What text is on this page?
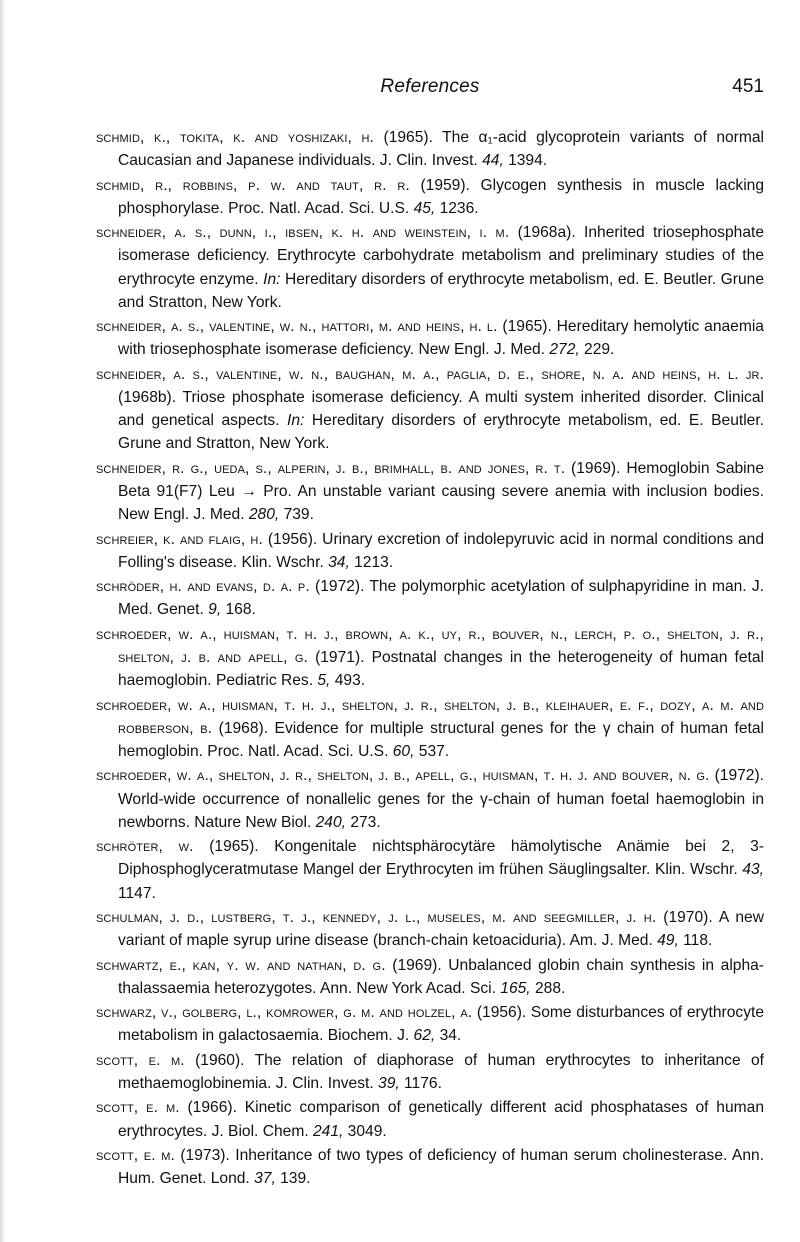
References	451
schmid, k., tokita, k. and yoshizaki, h. (1965). The α₁-acid glycoprotein variants of normal Caucasian and Japanese individuals. J. Clin. Invest. 44, 1394.
schmid, r., robbins, p. w. and taut, r. r. (1959). Glycogen synthesis in muscle lacking phosphorylase. Proc. Natl. Acad. Sci. U.S. 45, 1236.
schneider, a. s., dunn, i., ibsen, k. h. and weinstein, i. m. (1968a). Inherited triosephosphate isomerase deficiency. Erythrocyte carbohydrate metabolism and preliminary studies of the erythrocyte enzyme. In: Hereditary disorders of erythrocyte metabolism, ed. E. Beutler. Grune and Stratton, New York.
schneider, a. s., valentine, w. n., hattori, m. and heins, h. l. (1965). Hereditary hemolytic anaemia with triosephosphate isomerase deficiency. New Engl. J. Med. 272, 229.
schneider, a. s., valentine, w. n., baughan, m. a., paglia, d. e., shore, n. a. and heins, h. l. jr. (1968b). Triose phosphate isomerase deficiency. A multi system inherited disorder. Clinical and genetical aspects. In: Hereditary disorders of erythrocyte metabolism, ed. E. Beutler. Grune and Stratton, New York.
schneider, r. g., ueda, s., alperin, j. b., brimhall, b. and jones, r. t. (1969). Hemoglobin Sabine Beta 91(F7) Leu → Pro. An unstable variant causing severe anemia with inclusion bodies. New Engl. J. Med. 280, 739.
schreier, k. and flaig, h. (1956). Urinary excretion of indolepyruvic acid in normal conditions and Folling's disease. Klin. Wschr. 34, 1213.
schröder, h. and evans, d. a. p. (1972). The polymorphic acetylation of sulphapyridine in man. J. Med. Genet. 9, 168.
schroeder, w. a., huisman, t. h. j., brown, a. k., uy, r., bouver, n., lerch, p. o., shelton, j. r., shelton, j. b. and apell, g. (1971). Postnatal changes in the heterogeneity of human fetal haemoglobin. Pediatric Res. 5, 493.
schroeder, w. a., huisman, t. h. j., shelton, j. r., shelton, j. b., kleihauer, e. f., dozy, a. m. and robberson, b. (1968). Evidence for multiple structural genes for the γ chain of human fetal hemoglobin. Proc. Natl. Acad. Sci. U.S. 60, 537.
schroeder, w. a., shelton, j. r., shelton, j. b., apell, g., huisman, t. h. j. and bouver, n. g. (1972). World-wide occurrence of nonallelic genes for the γ-chain of human foetal haemoglobin in newborns. Nature New Biol. 240, 273.
schröter, w. (1965). Kongenitale nichtsphärocytäre hämolytische Anämie bei 2, 3-Diphosphoglyceratmutase Mangel der Erythrocyten im frühen Säuglingsalter. Klin. Wschr. 43, 1147.
schulman, j. d., lustberg, t. j., kennedy, j. l., museles, m. and seegmiller, j. h. (1970). A new variant of maple syrup urine disease (branch-chain ketoaciduria). Am. J. Med. 49, 118.
schwartz, e., kan, y. w. and nathan, d. g. (1969). Unbalanced globin chain synthesis in alpha-thalassaemia heterozygotes. Ann. New York Acad. Sci. 165, 288.
schwarz, v., golberg, l., komrower, g. m. and holzel, a. (1956). Some disturbances of erythrocyte metabolism in galactosaemia. Biochem. J. 62, 34.
scott, e. m. (1960). The relation of diaphorase of human erythrocytes to inheritance of methaemoglobinemia. J. Clin. Invest. 39, 1176.
scott, e. m. (1966). Kinetic comparison of genetically different acid phosphatases of human erythrocytes. J. Biol. Chem. 241, 3049.
scott, e. m. (1973). Inheritance of two types of deficiency of human serum cholinesterase. Ann. Hum. Genet. Lond. 37, 139.
